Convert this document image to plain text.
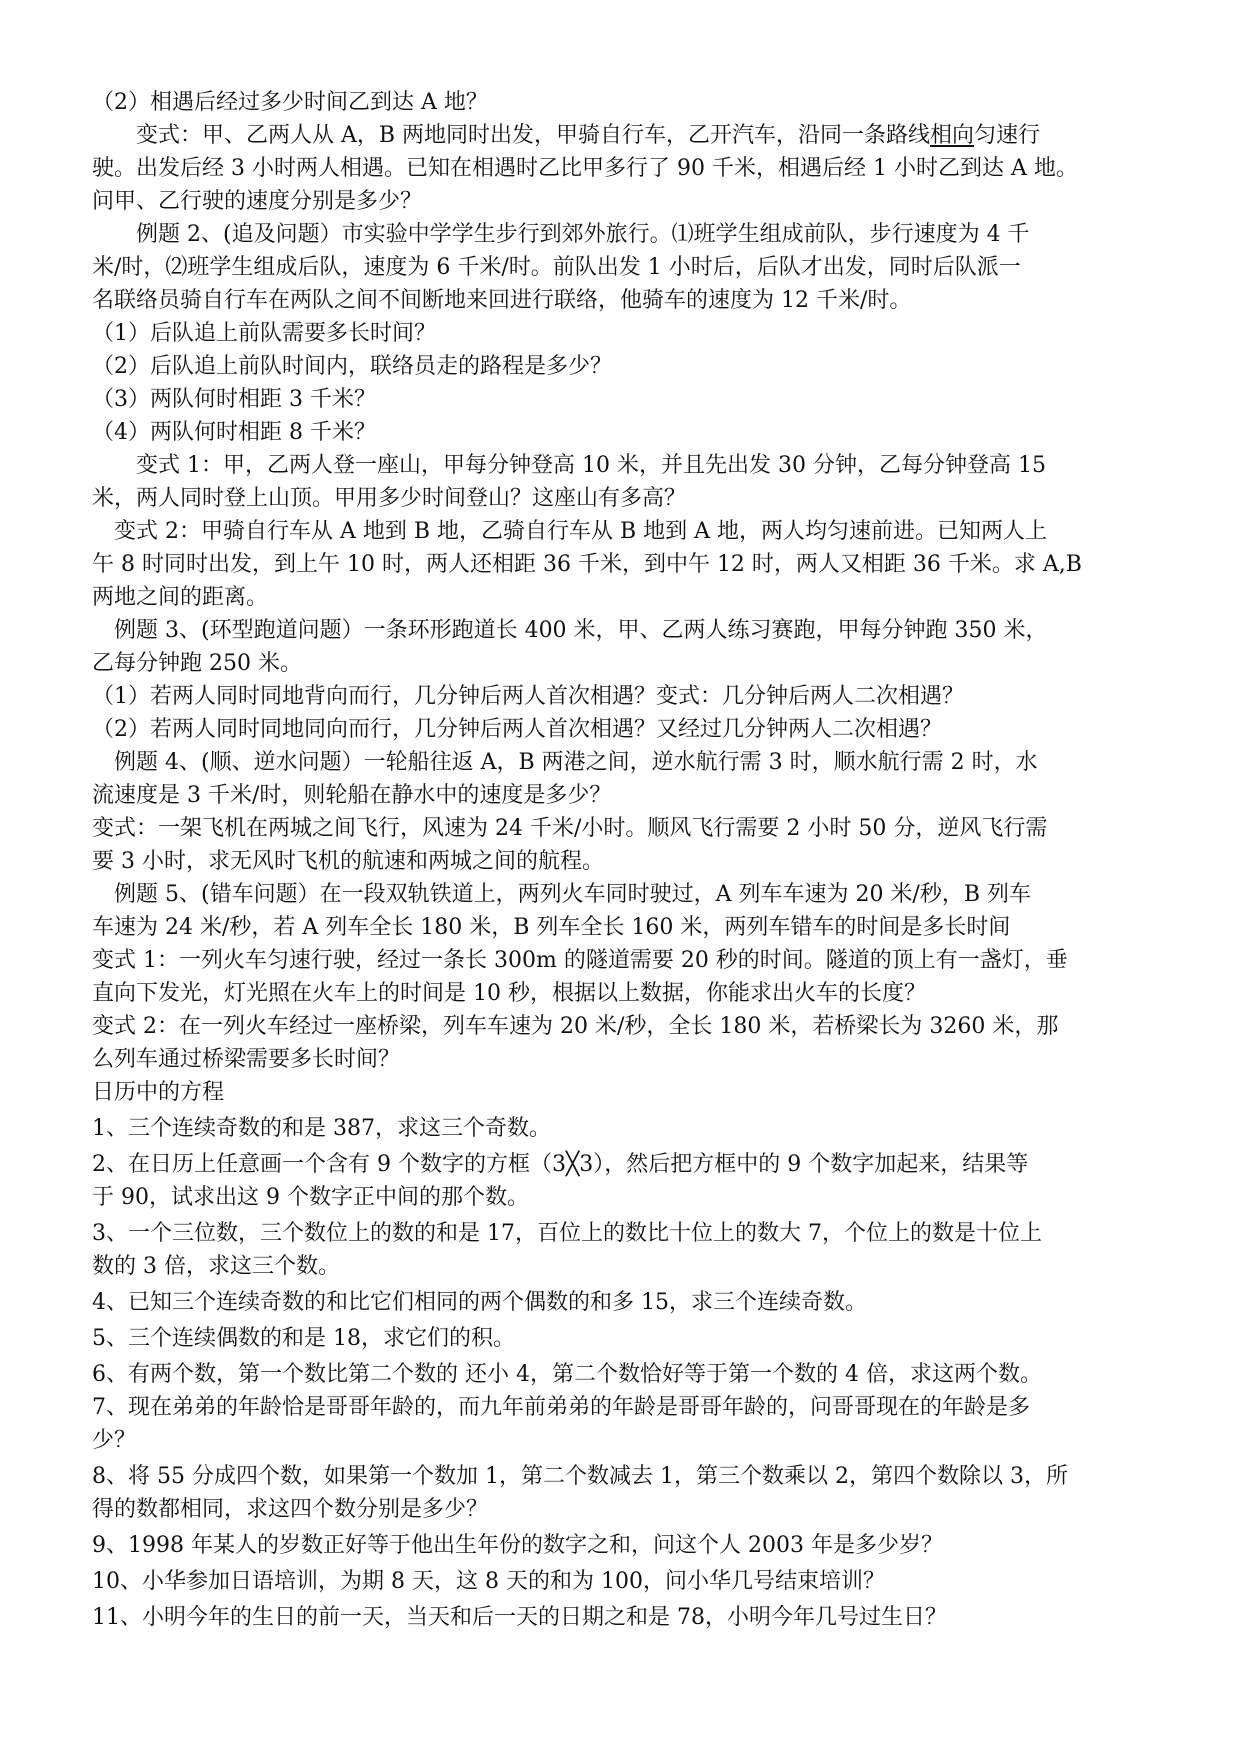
（2）相遇后经过多少时间乙到达 A 地？
变式：甲、乙两人从 A，B 两地同时出发，甲骑自行车，乙开汽车，沿同一条路线相向匀速行
驶。出发后经 3 小时两人相遇。已知在相遇时乙比甲多行了 90 千米，相遇后经 1 小时乙到达 A 地。
问甲、乙行驶的速度分别是多少？
例题 2、(追及问题）市实验中学学生步行到郊外旅行。⑴班学生组成前队，步行速度为 4 千
米/时，⑵班学生组成后队，速度为 6 千米/时。前队出发 1 小时后，后队才出发，同时后队派一
名联络员骑自行车在两队之间不间断地来回进行联络，他骑车的速度为 12 千米/时。
（1）后队追上前队需要多长时间？
（2）后队追上前队时间内，联络员走的路程是多少？
（3）两队何时相距 3 千米？
（4）两队何时相距 8 千米？
变式 1：甲，乙两人登一座山，甲每分钟登高 10 米，并且先出发 30 分钟，乙每分钟登高 15
米，两人同时登上山顶。甲用多少时间登山？这座山有多高？
变式 2：甲骑自行车从 A 地到 B 地，乙骑自行车从 B 地到 A 地，两人均匀速前进。已知两人上
午 8 时同时出发，到上午 10 时，两人还相距 36 千米，到中午 12 时，两人又相距 36 千米。求 A,B
两地之间的距离。
例题 3、(环型跑道问题）一条环形跑道长 400 米，甲、乙两人练习赛跑，甲每分钟跑 350 米，
乙每分钟跑 250 米。
（1）若两人同时同地背向而行，几分钟后两人首次相遇？变式：几分钟后两人二次相遇？
（2）若两人同时同地同向而行，几分钟后两人首次相遇？又经过几分钟两人二次相遇？
例题 4、(顺、逆水问题）一轮船往返 A，B 两港之间，逆水航行需 3 时，顺水航行需 2 时，水
流速度是 3 千米/时，则轮船在静水中的速度是多少？
变式：一架飞机在两城之间飞行，风速为 24 千米/小时。顺风飞行需要 2 小时 50 分，逆风飞行需
要 3 小时，求无风时飞机的航速和两城之间的航程。
例题 5、(错车问题）在一段双轨铁道上，两列火车同时驶过，A 列车车速为 20 米/秒，B 列车
车速为 24 米/秒，若 A 列车全长 180 米，B 列车全长 160 米，两列车错车的时间是多长时间
变式 1：一列火车匀速行驶，经过一条长 300m 的隧道需要 20 秒的时间。隧道的顶上有一盏灯，垂
直向下发光，灯光照在火车上的时间是 10 秒，根据以上数据，你能求出火车的长度？
变式 2：在一列火车经过一座桥梁，列车车速为 20 米/秒，全长 180 米，若桥梁长为 3260 米，那
么列车通过桥梁需要多长时间？
日历中的方程
1、三个连续奇数的和是 387，求这三个奇数。
2、在日历上任意画一个含有 9 个数字的方框（3╳3），然后把方框中的 9 个数字加起来，结果等
于 90，试求出这 9 个数字正中间的那个数。
3、一个三位数，三个数位上的数的和是 17，百位上的数比十位上的数大 7，个位上的数是十位上
数的 3 倍，求这三个数。
4、已知三个连续奇数的和比它们相同的两个偶数的和多 15，求三个连续奇数。
5、三个连续偶数的和是 18，求它们的积。
6、有两个数，第一个数比第二个数的 还小 4，第二个数恰好等于第一个数的 4 倍，求这两个数。
7、现在弟弟的年龄恰是哥哥年龄的，而九年前弟弟的年龄是哥哥年龄的，问哥哥现在的年龄是多
少？
8、将 55 分成四个数，如果第一个数加 1，第二个数减去 1，第三个数乘以 2，第四个数除以 3，所
得的数都相同，求这四个数分别是多少？
9、1998 年某人的岁数正好等于他出生年份的数字之和，问这个人 2003 年是多少岁？
10、小华参加日语培训，为期 8 天，这 8 天的和为 100，问小华几号结束培训？
11、小明今年的生日的前一天，当天和后一天的日期之和是 78，小明今年几号过生日？
